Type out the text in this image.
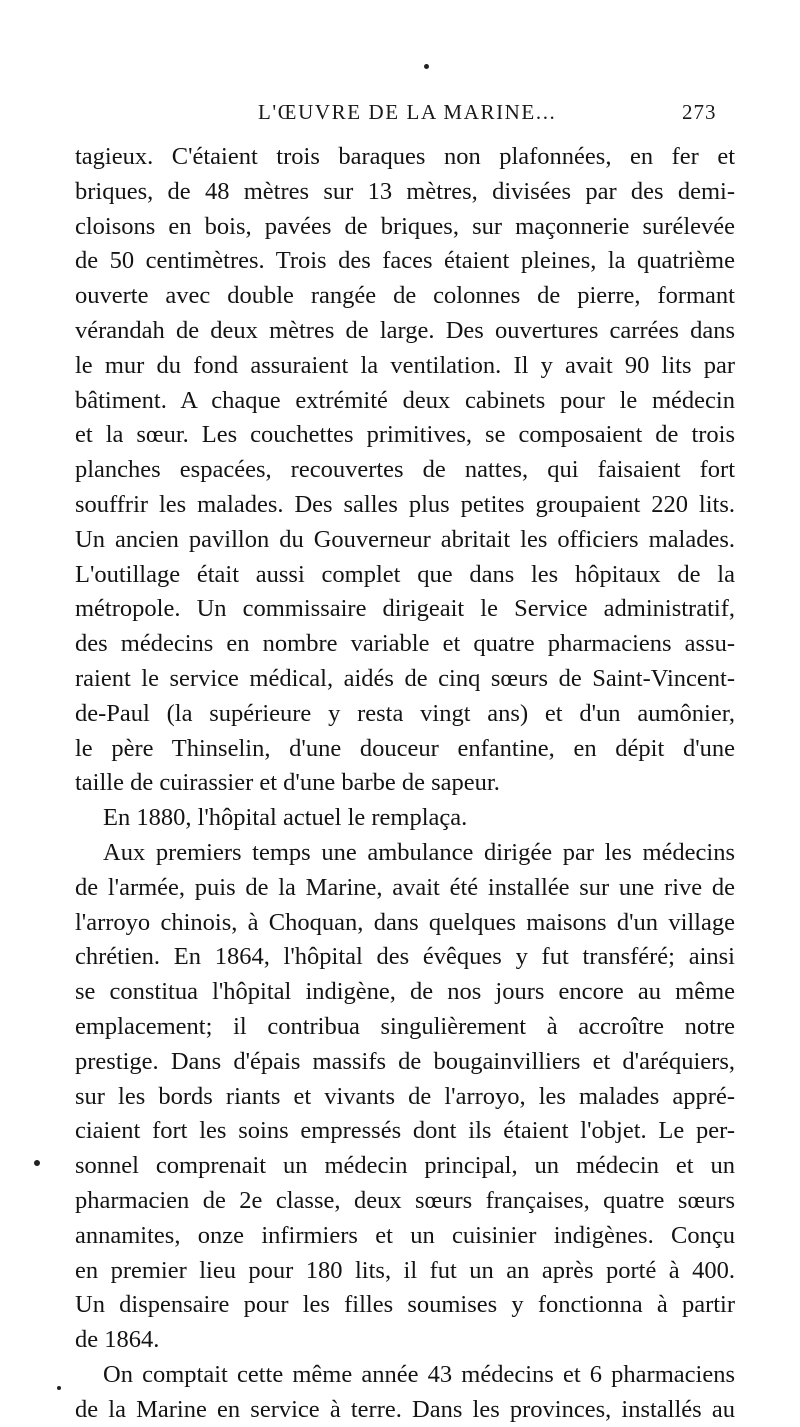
L'ŒUVRE DE LA MARINE...	273
tagieux. C'étaient trois baraques non plafonnées, en fer et
briques, de 48 mètres sur 13 mètres, divisées par des demi-
cloisons en bois, pavées de briques, sur maçonnerie surélevée
de 50 centimètres. Trois des faces étaient pleines, la quatrième
ouverte avec double rangée de colonnes de pierre, formant
vérandah de deux mètres de large. Des ouvertures carrées dans
le mur du fond assuraient la ventilation. Il y avait 90 lits par
bâtiment. A chaque extrémité deux cabinets pour le médecin
et la sœur. Les couchettes primitives, se composaient de trois
planches espacées, recouvertes de nattes, qui faisaient fort
souffrir les malades. Des salles plus petites groupaient 220 lits.
Un ancien pavillon du Gouverneur abritait les officiers malades.
L'outillage était aussi complet que dans les hôpitaux de la
métropole. Un commissaire dirigeait le Service administratif,
des médecins en nombre variable et quatre pharmaciens assu-
raient le service médical, aidés de cinq sœurs de Saint-Vincent-
de-Paul (la supérieure y resta vingt ans) et d'un aumônier,
le père Thinselin, d'une douceur enfantine, en dépit d'une
taille de cuirassier et d'une barbe de sapeur.
En 1880, l'hôpital actuel le remplaça.
Aux premiers temps une ambulance dirigée par les médecins
de l'armée, puis de la Marine, avait été installée sur une rive de
l'arroyo chinois, à Choquan, dans quelques maisons d'un village
chrétien. En 1864, l'hôpital des évêques y fut transféré; ainsi
se constitua l'hôpital indigène, de nos jours encore au même
emplacement; il contribua singulièrement à accroître notre
prestige. Dans d'épais massifs de bougainvilliers et d'aréquiers,
sur les bords riants et vivants de l'arroyo, les malades appré-
ciaient fort les soins empressés dont ils étaient l'objet. Le per-
sonnel comprenait un médecin principal, un médecin et un
pharmacien de 2e classe, deux sœurs françaises, quatre sœurs
annamites, onze infirmiers et un cuisinier indigènes. Conçu
en premier lieu pour 180 lits, il fut un an après porté à 400.
Un dispensaire pour les filles soumises y fonctionna à partir
de 1864.
On comptait cette même année 43 médecins et 6 pharmaciens
de la Marine en service à terre. Dans les provinces, installés au
